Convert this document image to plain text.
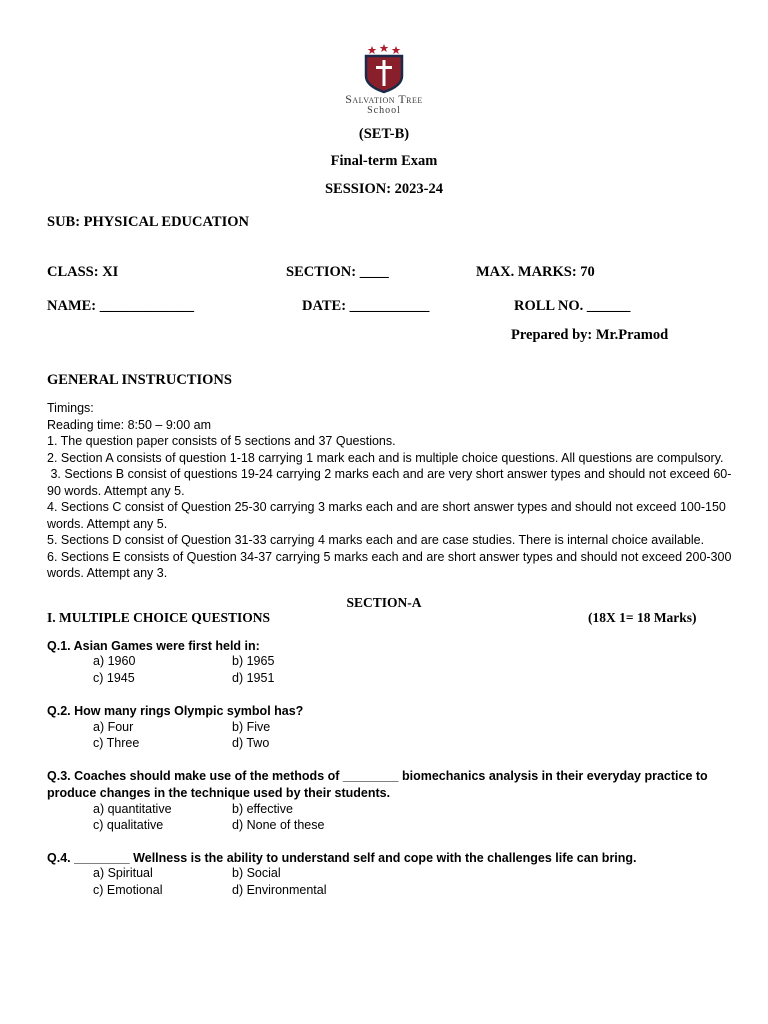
Salvation Tree
School
(SET-B)
Final-term Exam
SESSION: 2023-24
SUB: PHYSICAL EDUCATION
CLASS: XI	SECTION: ____	MAX. MARKS: 70
NAME: _____________	DATE: ___________	ROLL NO. ______
Prepared by: Mr.Pramod
GENERAL INSTRUCTIONS
Timings:
Reading time: 8:50 – 9:00 am
1. The question paper consists of 5 sections and 37 Questions.
2. Section A consists of question 1-18 carrying 1 mark each and is multiple choice questions. All questions are compulsory.
3. Sections B consist of questions 19-24 carrying 2 marks each and are very short answer types and should not exceed 60-90 words. Attempt any 5.
4. Sections C consist of Question 25-30 carrying 3 marks each and are short answer types and should not exceed 100-150 words. Attempt any 5.
5. Sections D consist of Question 31-33 carrying 4 marks each and are case studies. There is internal choice available.
6. Sections E consists of Question 34-37 carrying 5 marks each and are short answer types and should not exceed 200-300 words. Attempt any 3.
SECTION-A
I. MULTIPLE CHOICE QUESTIONS	(18X 1= 18 Marks)
Q.1. Asian Games were first held in:
a) 1960	b) 1965
c) 1945	d) 1951
Q.2. How many rings Olympic symbol has?
a) Four	b) Five
c) Three	d) Two
Q.3. Coaches should make use of the methods of ________ biomechanics analysis in their everyday practice to produce changes in the technique used by their students.
a) quantitative	b) effective
c) qualitative	d) None of these
Q.4. ________ Wellness is the ability to understand self and cope with the challenges life can bring.
a) Spiritual	b) Social
c) Emotional	d) Environmental
